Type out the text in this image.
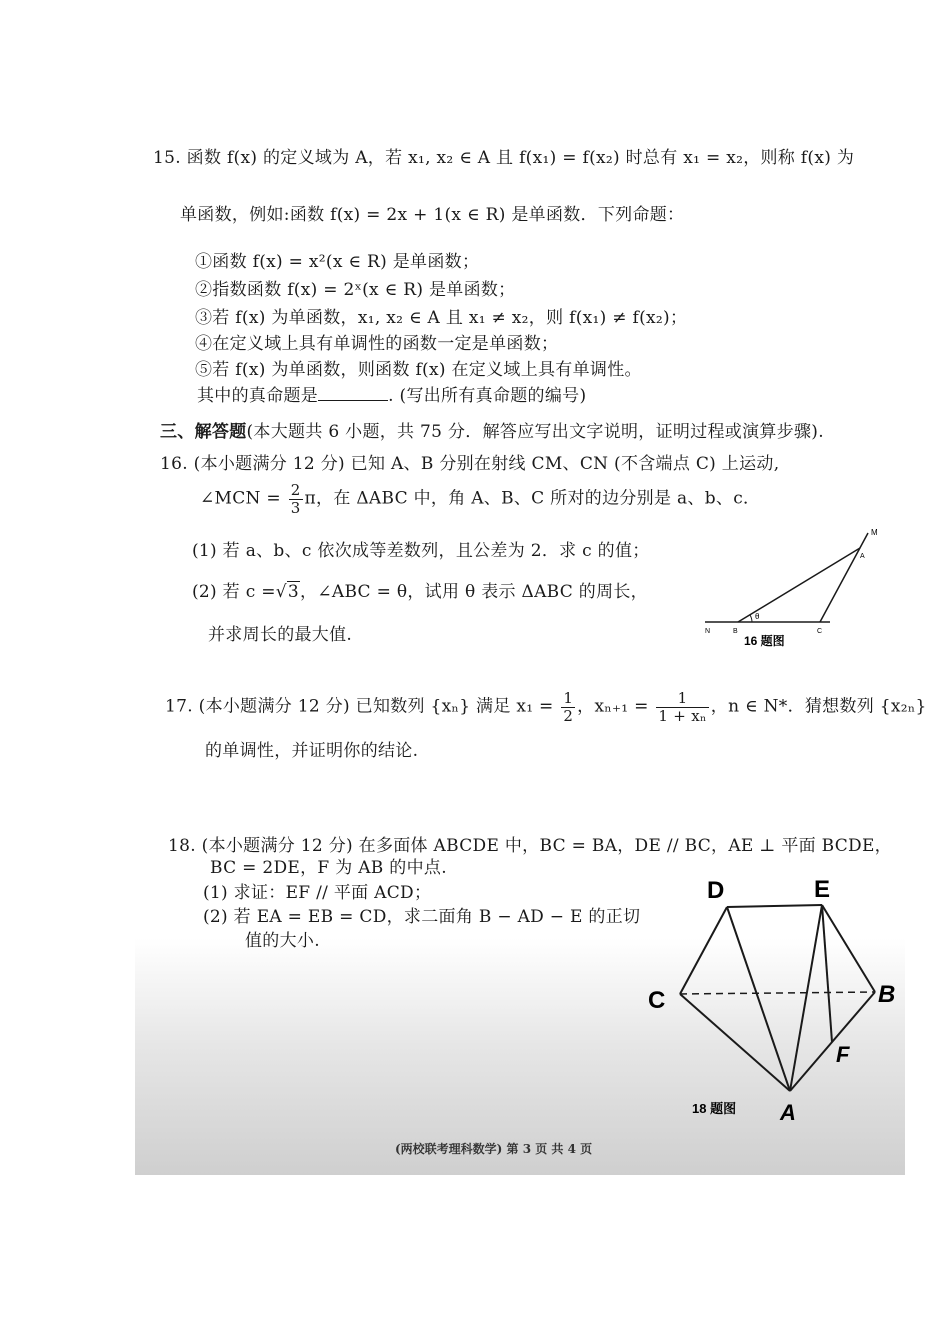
15. 函数 f(x) 的定义域为 A，若 x₁, x₂ ∈ A 且 f(x₁) = f(x₂) 时总有 x₁ = x₂，则称 f(x) 为
单函数，例如:函数 f(x) = 2x + 1(x ∈ R) 是单函数．下列命题：
①函数 f(x) = x²(x ∈ R) 是单函数；
②指数函数 f(x) = 2ˣ(x ∈ R) 是单函数；
③若 f(x) 为单函数，x₁, x₂ ∈ A 且 x₁ ≠ x₂，则 f(x₁) ≠ f(x₂)；
④在定义域上具有单调性的函数一定是单函数；
⑤若 f(x) 为单函数，则函数 f(x) 在定义域上具有单调性。
其中的真命题是	. (写出所有真命题的编号)
三、解答题(本大题共 6 小题，共 75 分．解答应写出文字说明，证明过程或演算步骤).
16. (本小题满分 12 分) 已知 A、B 分别在射线 CM、CN (不含端点 C) 上运动,
∠MCN = $\frac{2}{3}$ π，在 ΔABC 中，角 A、B、C 所对的边分别是 a、b、c．
(1) 若 a、b、c 依次成等差数列，且公差为 2．求 c 的值；
(2) 若 c =√3，∠ABC = θ，试用 θ 表示 ΔABC 的周长，
并求周长的最大值.
M
N	B	C
A
θ
16 题图
17. (本小题满分 12 分) 已知数列 {xₙ} 满足 $x_1 = \frac{1}{2}$ ，$x_{n+1} = \frac{1}{\text{1 + xₙ}}$ ，n ∈ N*．猜想数列 {x₂ₙ}
的单调性，并证明你的结论.
18. (本小题满分 12 分) 在多面体 ABCDE 中，BC = BA，DE // BC，AE ⊥ 平面 BCDE，
BC = 2DE，F 为 AB 的中点.
(1) 求证：EF // 平面 ACD；
(2) 若 EA = EB = CD，求二面角 B − AD − E 的正切
值的大小.
D	E
C	B
F
A
18 题图
(两校联考理科数学) 第 3 页 共 4 页
